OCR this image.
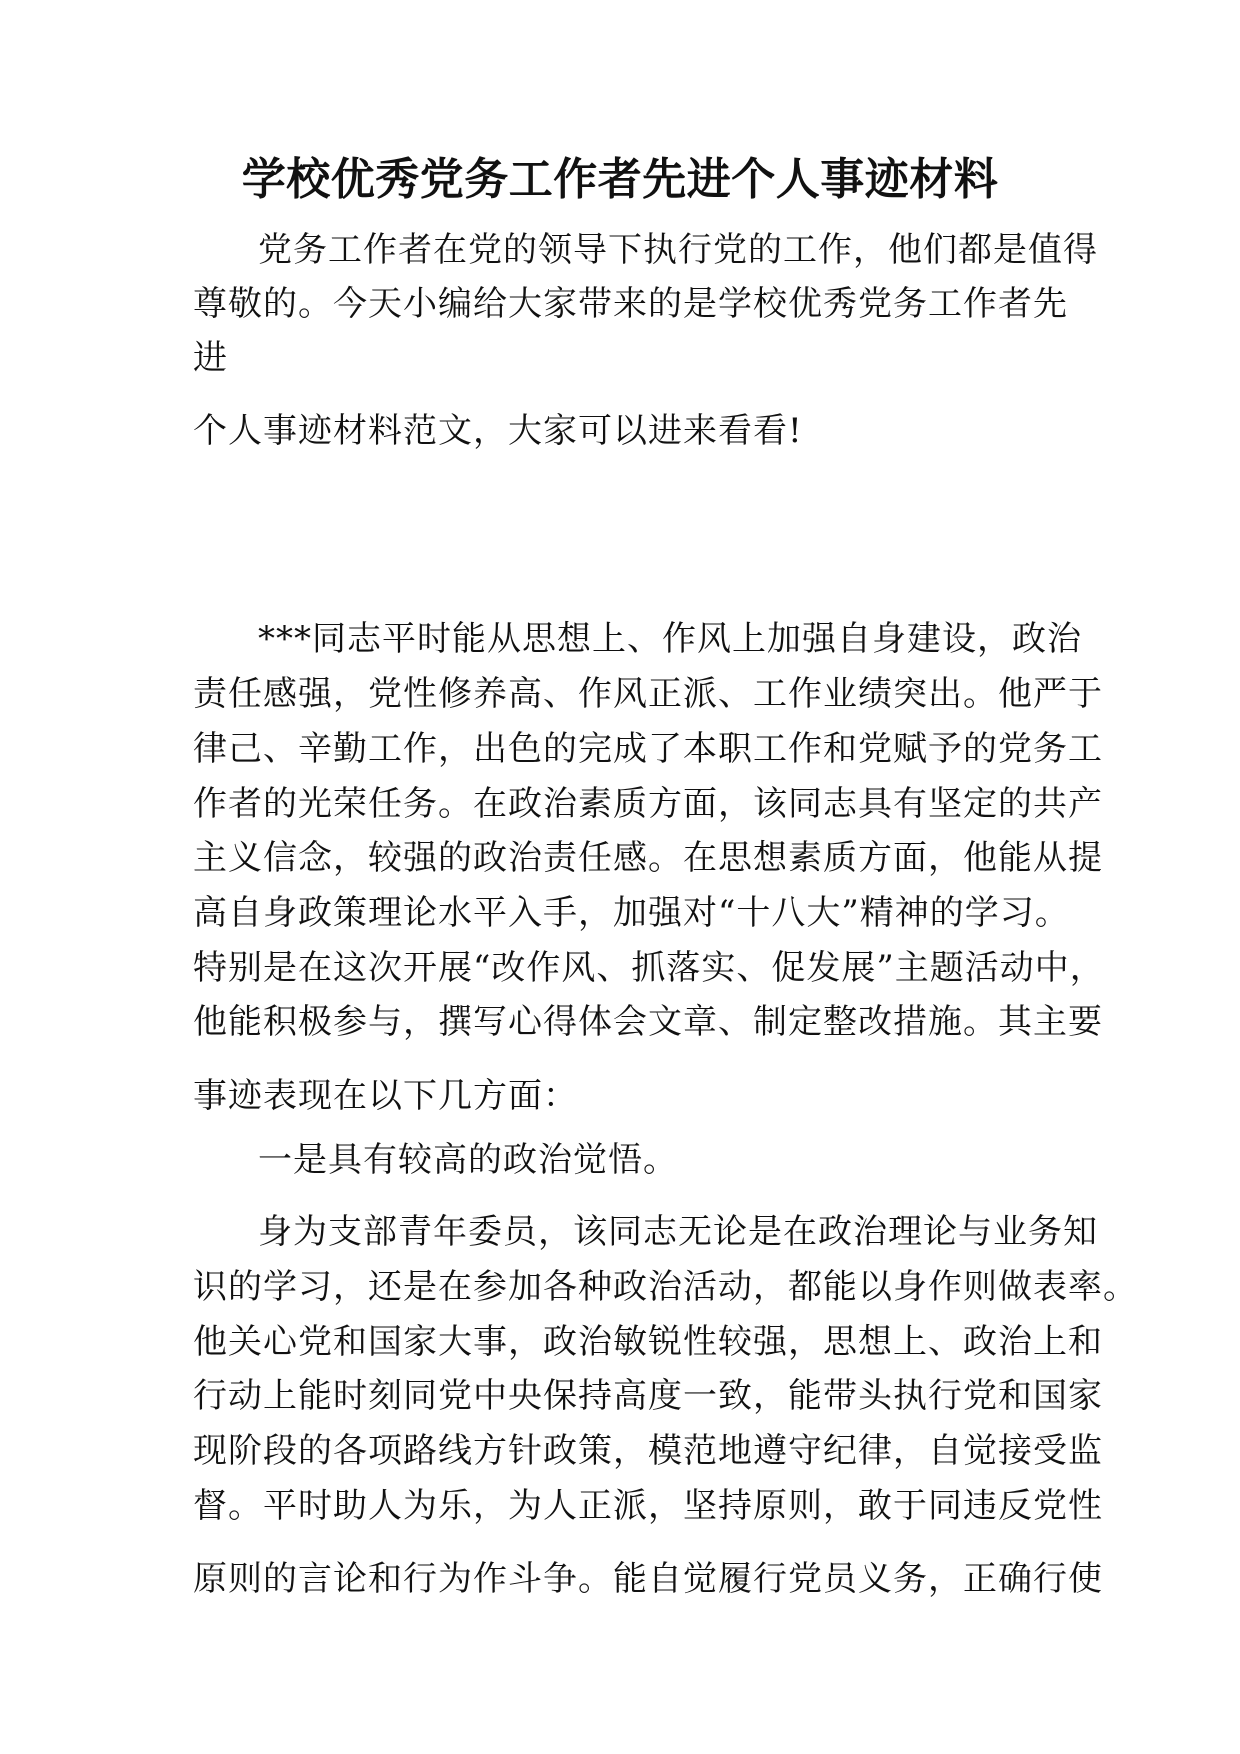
学校优秀党务工作者先进个人事迹材料
党务工作者在党的领导下执行党的工作，他们都是值得
尊敬的。今天小编给大家带来的是学校优秀党务工作者先
进
个人事迹材料范文，大家可以进来看看!
***同志平时能从思想上、作风上加强自身建设，政治
责任感强，党性修养高、作风正派、工作业绩突出。他严于
律己、辛勤工作，出色的完成了本职工作和党赋予的党务工
作者的光荣任务。在政治素质方面，该同志具有坚定的共产
主义信念，较强的政治责任感。在思想素质方面，他能从提
高自身政策理论水平入手，加强对“十八大”精神的学习。
特别是在这次开展“改作风、抓落实、促发展”主题活动中，
他能积极参与，撰写心得体会文章、制定整改措施。其主要
事迹表现在以下几方面：
一是具有较高的政治觉悟。
身为支部青年委员，该同志无论是在政治理论与业务知
识的学习，还是在参加各种政治活动，都能以身作则做表率。
他关心党和国家大事，政治敏锐性较强，思想上、政治上和
行动上能时刻同党中央保持高度一致，能带头执行党和国家
现阶段的各项路线方针政策，模范地遵守纪律，自觉接受监
督。平时助人为乐，为人正派，坚持原则，敢于同违反党性
原则的言论和行为作斗争。能自觉履行党员义务，正确行使
